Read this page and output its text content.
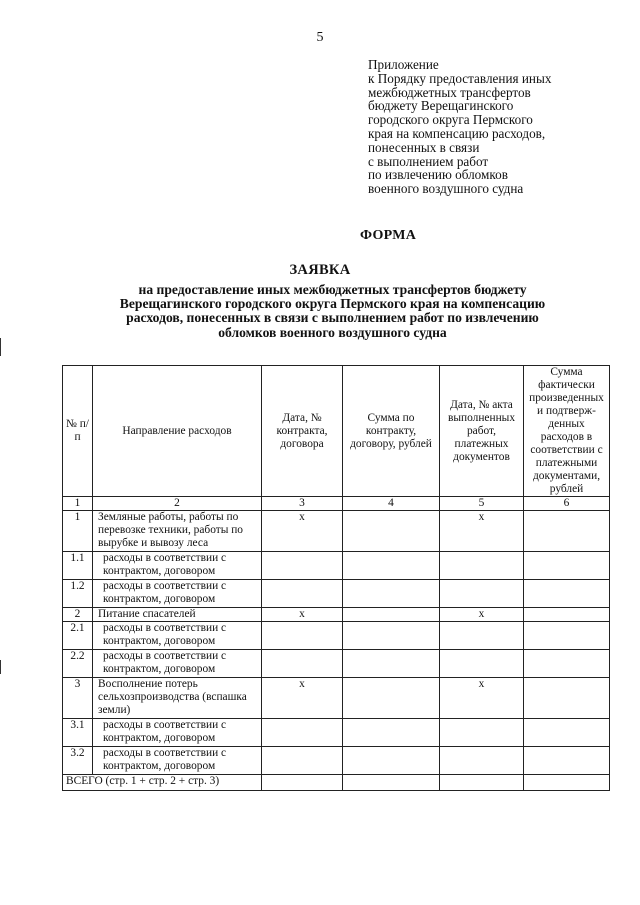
5
Приложение
к Порядку предоставления иных
межбюджетных трансфертов
бюджету Верещагинского
городского округа Пермского
края на компенсацию расходов,
понесенных в связи
с выполнением работ
по извлечению обломков
военного воздушного судна
ФОРМА
ЗАЯВКА
на предоставление иных межбюджетных трансфертов бюджету
Верещагинского городского округа Пермского края на компенсацию
расходов, понесенных в связи с выполнением работ по извлечению
обломков военного воздушного судна
№ п/п	Направление расходов	Дата, № контракта, договора	Сумма по контракту, договору, рублей	Дата, № акта выполненных работ, платежных документов	Сумма фактически произведенных и подтверж-денных расходов в соответствии с платежными документами, рублей
1	2	3	4	5	6
1	Земляные работы, работы по перевозке техники, работы по вырубке и вывозу леса	x		x	
1.1	расходы в соответствии с контрактом, договором				
1.2	расходы в соответствии с контрактом, договором				
2	Питание спасателей	x		x	
2.1	расходы в соответствии с контрактом, договором				
2.2	расходы в соответствии с контрактом, договором				
3	Восполнение потерь сельхозпроизводства (вспашка земли)	x		x	
3.1	расходы в соответствии с контрактом, договором				
3.2	расходы в соответствии с контрактом, договором				
ВСЕГО (стр. 1 + стр. 2 + стр. 3)					
